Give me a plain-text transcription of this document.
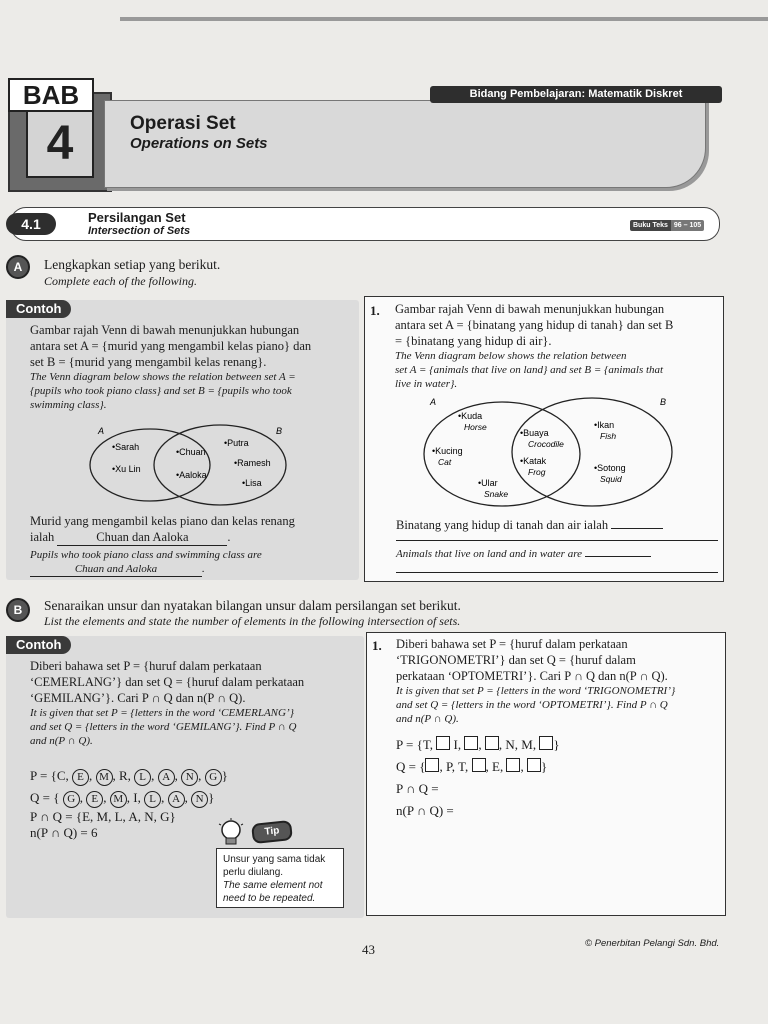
BAB
4
Bidang Pembelajaran: Matematik Diskret
Operasi Set
Operations on Sets
4.1	Persilangan Set
Intersection of Sets	Buku Teks 96 – 105
A	Lengkapkan setiap yang berikut.
Complete each of the following.
Contoh
Gambar rajah Venn di bawah menunjukkan hubungan
antara set A = {murid yang mengambil kelas piano} dan
set B = {murid yang mengambil kelas renang}.
The Venn diagram below shows the relation between set A =
{pupils who took piano class} and set B = {pupils who took
swimming class}.
A	B
•Sarah
•Xu Lin
•Chuan
•Aaloka
•Putra
•Ramesh
•Lisa
Murid yang mengambil kelas piano dan kelas renang
ialah	Chuan dan Aaloka	.
Pupils who took piano class and swimming class are
Chuan and Aaloka	.
1. Gambar rajah Venn di bawah menunjukkan hubungan
antara set A = {binatang yang hidup di tanah} dan set B
= {binatang yang hidup di air}.
The Venn diagram below shows the relation between
set A = {animals that live on land} and set B = {animals that
live in water}.
A	B
•Kuda
Horse
•Kucing
Cat
•Ular
Snake
•Buaya
Crocodile
•Katak
Frog
•Ikan
Fish
•Sotong
Squid
Binatang yang hidup di tanah dan air ialah
Animals that live on land and in water are
B	Senaraikan unsur dan nyatakan bilangan unsur dalam persilangan set berikut.
List the elements and state the number of elements in the following intersection of sets.
Contoh
Diberi bahawa set P = {huruf dalam perkataan
‘CEMERLANG’} dan set Q = {huruf dalam perkataan
‘GEMILANG’}. Cari P ∩ Q dan n(P ∩ Q).
It is given that set P = {letters in the word ‘CEMERLANG’}
and set Q = {letters in the word ‘GEMILANG’}. Find P ∩ Q
and n(P ∩ Q).
P = {C, E , M , R, L , A , N , G }
Q = { G , E , M , I, L , A , N }
P ∩ Q = {E, M, L, A, N, G}
n(P ∩ Q) = 6	Tip
Unsur yang sama tidak perlu diulang.
The same element not need to be repeated.
1. Diberi bahawa set P = {huruf dalam perkataan
‘TRIGONOMETRI’} dan set Q = {huruf dalam
perkataan ‘OPTOMETRI’}. Cari P ∩ Q dan n(P ∩ Q).
It is given that set P = {letters in the word ‘TRIGONOMETRI’}
and set Q = {letters in the word ‘OPTOMETRI’}. Find P ∩ Q
and n(P ∩ Q).
P = {T, I, , , N, M, }
Q = { , P, T, , E, , }
P ∩ Q =
n(P ∩ Q) =
43	© Penerbitan Pelangi Sdn. Bhd.
